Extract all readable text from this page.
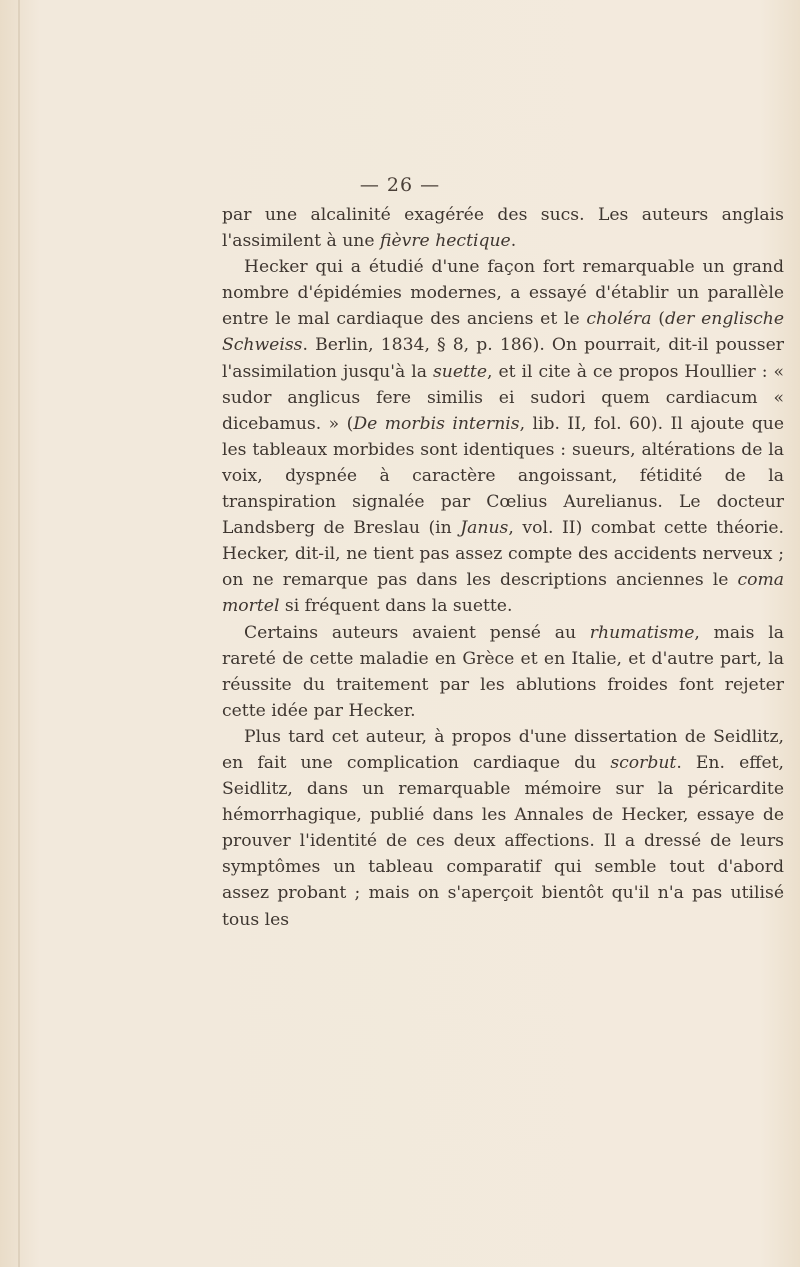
— 26 —

par une alcalinité exagérée des sucs. Les auteurs anglais l'assimilent à une fièvre hectique.

Hecker qui a étudié d'une façon fort remarquable un grand nombre d'épidémies modernes, a essayé d'établir un parallèle entre le mal cardiaque des anciens et le choléra (der englische Schweiss. Berlin, 1834, § 8, p. 186). On pourrait, dit-il pousser l'assimilation jusqu'à la suette, et il cite à ce propos Houllier : « sudor anglicus fere similis ei sudori quem cardiacum « dicebamus. » (De morbis internis, lib. II, fol. 60). Il ajoute que les tableaux morbides sont identiques : sueurs, altérations de la voix, dyspnée à caractère angoissant, fétidité de la transpiration signalée par Cœlius Aurelianus. Le docteur Landsberg de Breslau (in Janus, vol. II) combat cette théorie. Hecker, dit-il, ne tient pas assez compte des accidents nerveux ; on ne remarque pas dans les descriptions anciennes le coma mortel si fréquent dans la suette.

Certains auteurs avaient pensé au rhumatisme, mais la rareté de cette maladie en Grèce et en Italie, et d'autre part, la réussite du traitement par les ablutions froides font rejeter cette idée par Hecker.

Plus tard cet auteur, à propos d'une dissertation de Seidlitz, en fait une complication cardiaque du scorbut. En. effet, Seidlitz, dans un remarquable mémoire sur la péricardite hémorrhagique, publié dans les Annales de Hecker, essaye de prouver l'identité de ces deux affections. Il a dressé de leurs symptômes un tableau comparatif qui semble tout d'abord assez probant ; mais on s'aperçoit bientôt qu'il n'a pas utilisé tous les
